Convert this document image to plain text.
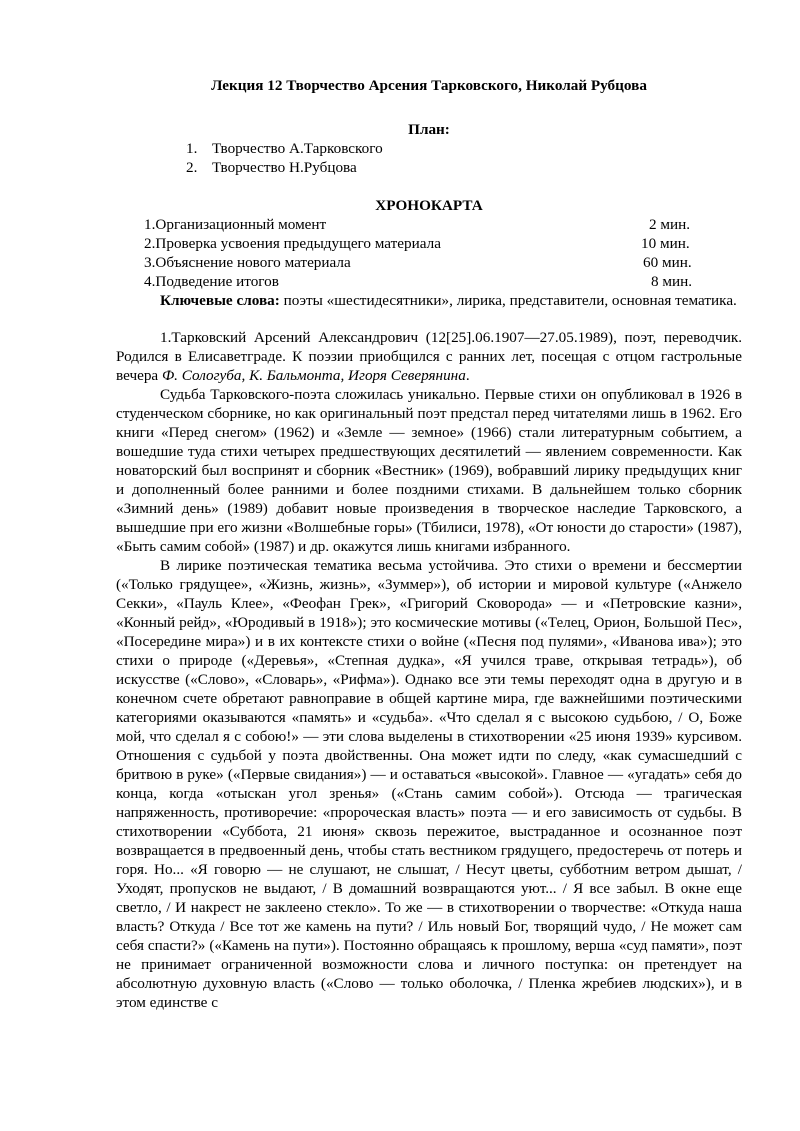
Лекция 12 Творчество Арсения Тарковского, Николай Рубцова
План:
1. Творчество А.Тарковского
2. Творчество Н.Рубцова
ХРОНОКАРТА
1.Организационный момент	2 мин.
2.Проверка усвоения предыдущего материала	10 мин.
3.Объяснение нового материала	60 мин.
4.Подведение итогов	8 мин.

Ключевые слова: поэты «шестидесятники», лирика, представители, основная тематика.

1.Тарковский Арсений Александрович (12[25].06.1907—27.05.1989), поэт, переводчик. Родился в Елисаветграде. К поэзии приобщился с ранних лет, посещая с отцом гастрольные вечера Ф. Сологуба, К. Бальмонта, Игоря Северянина.

Судьба Тарковского-поэта сложилась уникально. Первые стихи он опубликовал в 1926 в студенческом сборнике, но как оригинальный поэт предстал перед читателями лишь в 1962. Его книги «Перед снегом» (1962) и «Земле — земное» (1966) стали литературным событием, а вошедшие туда стихи четырех предшествующих десятилетий — явлением современности. Как новаторский был воспринят и сборник «Вестник» (1969), вобравший лирику предыдущих книг и дополненный более ранними и более поздними стихами. В дальнейшем только сборник «Зимний день» (1989) добавит новые произведения в творческое наследие Тарковского, а вышедшие при его жизни «Волшебные горы» (Тбилиси, 1978), «От юности до старости» (1987), «Быть самим собой» (1987) и др. окажутся лишь книгами избранного.

В лирике поэтическая тематика весьма устойчива. Это стихи о времени и бессмертии («Только грядущее», «Жизнь, жизнь», «Зуммер»), об истории и мировой культуре («Анжело Секки», «Пауль Клее», «Феофан Грек», «Григорий Сковорода» — и «Петровские казни», «Конный рейд», «Юродивый в 1918»); это космические мотивы («Телец, Орион, Большой Пес», «Посередине мира») и в их контексте стихи о войне («Песня под пулями», «Иванова ива»); это стихи о природе («Деревья», «Степная дудка», «Я учился траве, открывая тетрадь»), об искусстве («Слово», «Словарь», «Рифма»). Однако все эти темы переходят одна в другую и в конечном счете обретают равноправие в общей картине мира, где важнейшими поэтическими категориями оказываются «память» и «судьба». «Что сделал я с высокою судьбою, / О, Боже мой, что сделал я с собою!» — эти слова выделены в стихотворении «25 июня 1939» курсивом. Отношения с судьбой у поэта двойственны. Она может идти по следу, «как сумасшедший с бритвою в руке» («Первые свидания») — и оставаться «высокой». Главное — «угадать» себя до конца, когда «отыскан угол зренья» («Стань самим собой»). Отсюда — трагическая напряженность, противоречие: «пророческая власть» поэта — и его зависимость от судьбы. В стихотворении «Суббота, 21 июня» сквозь пережитое, выстраданное и осознанное поэт возвращается в предвоенный день, чтобы стать вестником грядущего, предостеречь от потерь и горя. Но... «Я говорю — не слушают, не слышат, / Несут цветы, субботним ветром дышат, / Уходят, пропусков не выдают, / В домашний возвращаются уют... / Я все забыл. В окне еще светло, / И накрест не заклеено стекло». То же — в стихотворении о творчестве: «Откуда наша власть? Откуда / Все тот же камень на пути? / Иль новый Бог, творящий чудо, / Не может сам себя спасти?» («Камень на пути»). Постоянно обращаясь к прошлому, верша «суд памяти», поэт не принимает ограниченной возможности слова и личного поступка: он претендует на абсолютную духовную власть («Слово — только оболочка, / Пленка жребиев людских»), и в этом единстве с
